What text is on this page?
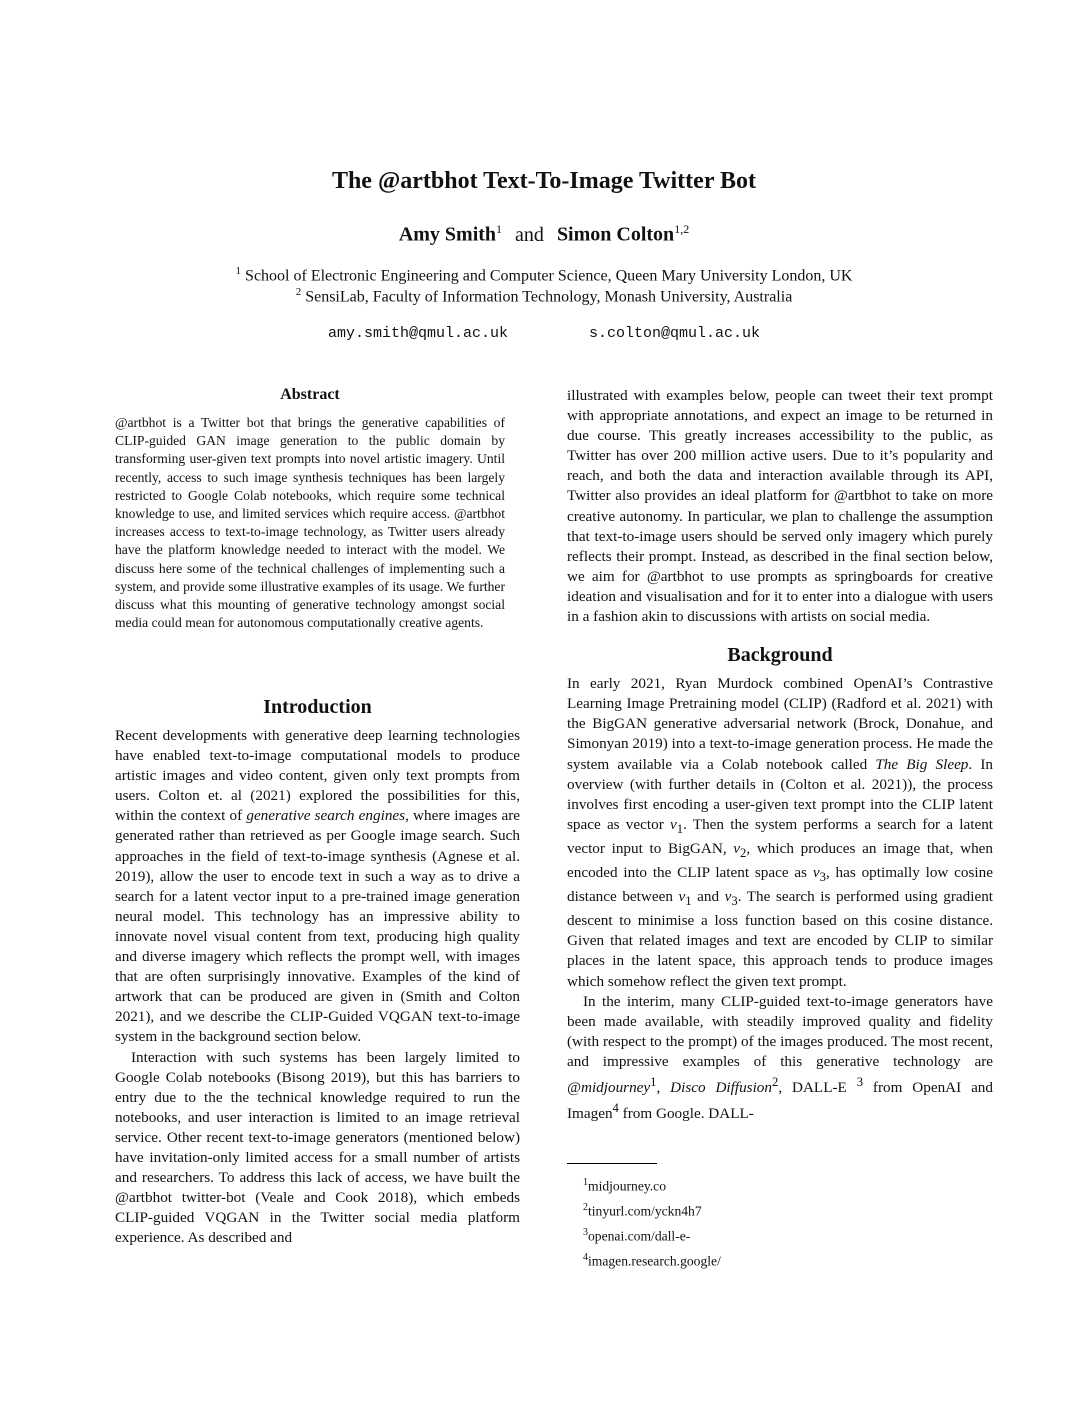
The @artbhot Text-To-Image Twitter Bot
Amy Smith$^1$ and Simon Colton$^{1,2}$
$^1$ School of Electronic Engineering and Computer Science, Queen Mary University London, UK
$^2$ SensiLab, Faculty of Information Technology, Monash University, Australia
amy.smith@qmul.ac.uk	s.colton@qmul.ac.uk
Abstract

@artbhot is a Twitter bot that brings the generative capabilities of CLIP-guided GAN image generation to the public domain by transforming user-given text prompts into novel artistic imagery. Until recently, access to such image synthesis techniques has been largely restricted to Google Colab notebooks, which require some technical knowledge to use, and limited services which require access. @artbhot increases access to text-to-image technology, as Twitter users already have the platform knowledge needed to interact with the model. We discuss here some of the technical challenges of implementing such a system, and provide some illustrative examples of its usage. We further discuss what this mounting of generative technology amongst social media could mean for autonomous computationally creative agents.

Introduction

Recent developments with generative deep learning technologies have enabled text-to-image computational models to produce artistic images and video content, given only text prompts from users. Colton et. al (2021) explored the possibilities for this, within the context of generative search engines, where images are generated rather than retrieved as per Google image search. Such approaches in the field of text-to-image synthesis (Agnese et al. 2019), allow the user to encode text in such a way as to drive a search for a latent vector input to a pre-trained image generation neural model. This technology has an impressive ability to innovate novel visual content from text, producing high quality and diverse imagery which reflects the prompt well, with images that are often surprisingly innovative. Examples of the kind of artwork that can be produced are given in (Smith and Colton 2021), and we describe the CLIP-Guided VQGAN text-to-image system in the background section below.

Interaction with such systems has been largely limited to Google Colab notebooks (Bisong 2019), but this has barriers to entry due to the the technical knowledge required to run the notebooks, and user interaction is limited to an image retrieval service. Other recent text-to-image generators (mentioned below) have invitation-only limited access for a small number of artists and researchers. To address this lack of access, we have built the @artbhot twitter-bot (Veale and Cook 2018), which embeds CLIP-guided VQGAN in the Twitter social media platform experience. As described and

illustrated with examples below, people can tweet their text prompt with appropriate annotations, and expect an image to be returned in due course. This greatly increases accessibility to the public, as Twitter has over 200 million active users. Due to it’s popularity and reach, and both the data and interaction available through its API, Twitter also provides an ideal platform for @artbhot to take on more creative autonomy. In particular, we plan to challenge the assumption that text-to-image users should be served only imagery which purely reflects their prompt. Instead, as described in the final section below, we aim for @artbhot to use prompts as springboards for creative ideation and visualisation and for it to enter into a dialogue with users in a fashion akin to discussions with artists on social media.

Background

In early 2021, Ryan Murdock combined OpenAI’s Contrastive Learning Image Pretraining model (CLIP) (Radford et al. 2021) with the BigGAN generative adversarial network (Brock, Donahue, and Simonyan 2019) into a text-to-image generation process. He made the system available via a Colab notebook called The Big Sleep. In overview (with further details in (Colton et al. 2021)), the process involves first encoding a user-given text prompt into the CLIP latent space as vector $v_1$. Then the system performs a search for a latent vector input to BigGAN, $v_2$, which produces an image that, when encoded into the CLIP latent space as $v_3$, has optimally low cosine distance between $v_1$ and $v_3$. The search is performed using gradient descent to minimise a loss function based on this cosine distance. Given that related images and text are encoded by CLIP to similar places in the latent space, this approach tends to produce images which somehow reflect the given text prompt.

In the interim, many CLIP-guided text-to-image generators have been made available, with steadily improved quality and fidelity (with respect to the prompt) of the images produced. The most recent, and impressive examples of this generative technology are @midjourney$^1$, Disco Diffusion$^2$, DALL-E $^3$ from OpenAI and Imagen$^4$ from Google. DALL-

$^1$midjourney.co
$^2$tinyurl.com/yckn4h7
$^3$openai.com/dall-e-
$^4$imagen.research.google/
